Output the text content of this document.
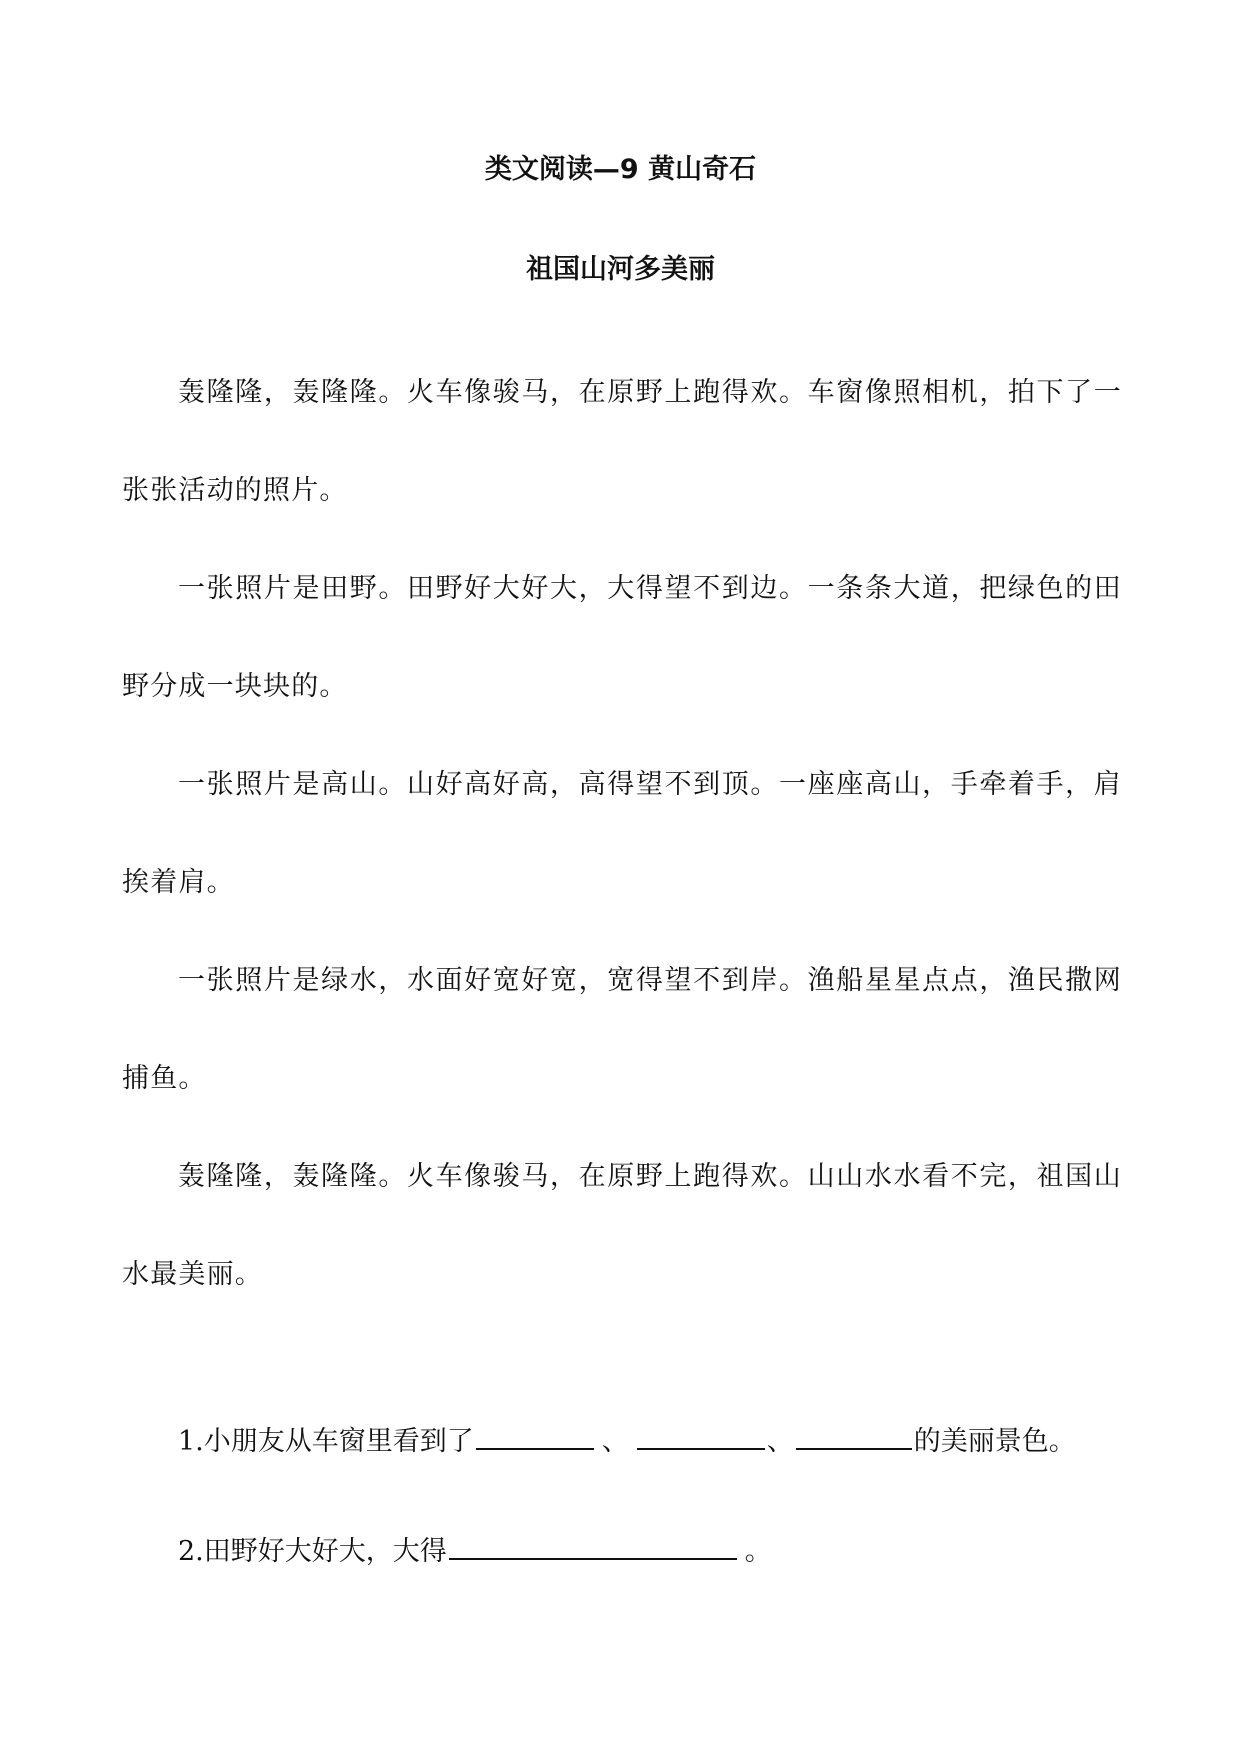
类文阅读—9 黄山奇石
祖国山河多美丽

轰隆隆，轰隆隆。火车像骏马，在原野上跑得欢。车窗像照相机，拍下了一张张活动的照片。

一张照片是田野。田野好大好大，大得望不到边。一条条大道，把绿色的田野分成一块块的。

一张照片是高山。山好高好高，高得望不到顶。一座座高山，手牵着手，肩挨着肩。

一张照片是绿水，水面好宽好宽，宽得望不到岸。渔船星星点点，渔民撒网捕鱼。

轰隆隆，轰隆隆。火车像骏马，在原野上跑得欢。山山水水看不完，祖国山水最美丽。

1.小朋友从车窗里看到了	、	、	的美丽景色。
2.田野好大好大，大得	。
